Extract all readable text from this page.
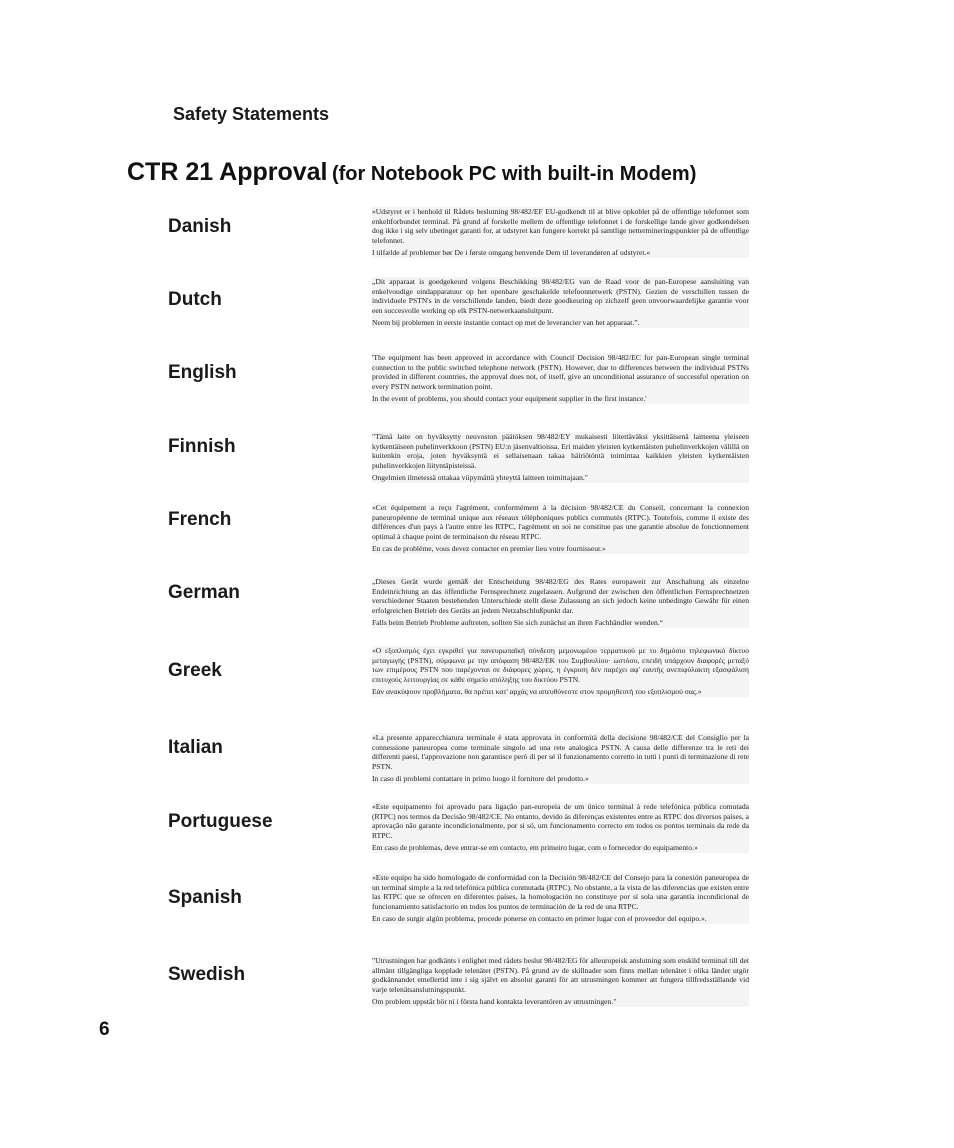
Safety Statements
CTR 21 Approval (for Notebook PC with built-in Modem)
Danish

»Udstyret er i henhold til Rådets beslutning 98/482/EF EU-godkendt til at blive opkoblet på de offentlige telefonnet som enkeltforbundet terminal. På grund af forskelle mellem de offentlige telefonnet i de forskellige lande giver godkendelsen dog ikke i sig selv ubetinget garanti for, at udstyret kan fungere korrekt på samtlige nettermineringspunkter på de offentlige telefonnet.

I tilfælde af problemer bør De i første omgang henvende Dem til leverandøren af udstyret.«

Dutch

„Dit apparaat is goedgekeurd volgens Beschikking 98/482/EG van de Raad voor de pan-Europese aansluiting van enkelvoudige eindapparatuur op het openbare geschakelde telefoonnetwerk (PSTN). Gezien de verschillen tussen de individuele PSTN's in de verschillende landen, biedt deze goedkeuring op zichzelf geen onvoorwaardelijke garantie voor een succesvolle werking op elk PSTN-netwerkaansluitpunt.

Neem bij problemen in eerste instantie contact op met de leverancier van het apparaat.”.

English

'The equipment has been approved in accordance with Council Decision 98/482/EC for pan-European single terminal connection to the public switched telephone network (PSTN). However, due to differences between the individual PSTNs provided in different countries, the approval does not, of itself, give an unconditional assurance of successful operation on every PSTN network termination point.

In the event of problems, you should contact your equipment supplier in the first instance.'

Finnish	"Tämä laite on hyväksytty neuvoston päätöksen 98/482/EY mukaisesti liitettäväksi yksittäisenä laitteena yleiseen kytkentäiseen puhelinverkkoon (PSTN) EU:n jäsenvaltioissa. Eri maiden yleisten kytkentäisten puhelinverkkojen välillä on kuitenkin eroja, joten hyväksyntä ei sellaisenaan takaa häiriötöntä toimintaa kaikkien yleisten kytkentäisten puhelinverkkojen liityntäpisteissä.

Ongelmien ilmetessä ottakaa viipymättä yhteyttä laitteen toimittajaan."

French

«Cet équipement a reçu l'agrément, conformément à la décision 98/482/CE du Conseil, concernant la connexion paneuropéenne de terminal unique aux réseaux téléphoniques publics commutés (RTPC). Toutefois, comme il existe des différences d'un pays à l'autre entre les RTPC, l'agrément en soi ne constitue pas une garantie absolue de fonctionnement optimal à chaque point de terminaison du réseau RTPC.

En cas de problème, vous devez contacter en premier lieu votre fournisseur.»

German

„Dieses Gerät wurde gemäß der Entscheidung 98/482/EG des Rates europaweit zur Anschaltung als einzelne Endeinrichtung an das öffentliche Fernsprechnetz zugelassen. Aufgrund der zwischen den öffentlichen Fernsprechnetzen verschiedener Staaten bestehenden Unterschiede stellt diese Zulassung an sich jedoch keine unbedingte Gewähr für einen erfolgreichen Betrieb des Geräts an jedem Netzabschlußpunkt dar.

Falls beim Betrieb Probleme auftreten, sollten Sie sich zunächst an ihren Fachhändler wenden.“

Greek

«Ο εξοπλισμός έχει εγκριθεί για πανευρωπαϊκή σύνδεση μεμονωμέου τερματικού με το δημόσιο τηλεφωνικό δίκτυο μεταγωγής (PSTN), σύμφωνα με την απόφαση 98/482/ΕΚ του Συμβουλίου· ωστόσο, επειδή υπάρχουν διαφορές μεταξύ των επιμέρους PSTN που παρέχονται σε διάφορες χώρες, η έγκριση δεν παρέχει αφ' εαυτής ανεπιφύλακτη εξασφάλιση επιτυχούς λειτουργίας σε κάθε σημείο απόληξης του δικτύου PSTN.

Εάν ανακύψουν προβλήματα, θα πρέπει κατ' αρχάς να απευθύνεστε στον προμηθευτή του εξοπλισμού σας.»

Italian	«La presente apparecchiatura terminale è stata approvata in conformità della decisione 98/482/CE del Consiglio per la connessione paneuropea come terminale singolo ad una rete analogica PSTN. A causa delle differenze tra le reti dei differenti paesi, l'approvazione non garantisce però di per sé il funzionamento corretto in tutti i punti di terminazione di rete PSTN.

In caso di problemi contattare in primo luogo il fornitore del prodotto.»

Portuguese

«Este equipamento foi aprovado para ligação pan-europeia de um único terminal à rede telefónica pública comutada (RTPC) nos termos da Decisão 98/482/CE. No entanto, devido às diferenças existentes entre as RTPC dos diversos países, a aprovação não garante incondicionalmente, por si só, um funcionamento correcto em todos os pontos terminais da rede da RTPC.

Em caso de problemas, deve entrar-se em contacto, em primeiro lugar, com o fornecedor do equipamento.»

Spanish

«Este equipo ha sido homologado de conformidad con la Decisión 98/482/CE del Consejo para la conexión paneuropea de un terminal simple a la red telefónica pública conmutada (RTPC). No obstante, a la vista de las diferencias que existen entre las RTPC que se ofrecen en diferentes países, la homologación no constituye por sí sola una garantía incondicional de funcionamiento satisfactorio en todos los puntos de terminación de la red de una RTPC.

En caso de surgir algún problema, procede ponerse en contacto en primer lugar con el proveedor del equipo.».

Swedish

"Utrustningen har godkänts i enlighet med rådets beslut 98/482/EG för alleuropeisk anslutning som enskild terminal till det allmänt tillgängliga kopplade telenätet (PSTN). På grund av de skillnader som finns mellan telenätet i olika länder utgör godkännandet emellertid inte i sig självt en absolut garanti för att utrustningen kommer att fungera tillfredsställande vid varje telenätsanslutningspunkt.

Om problem uppstår bör ni i första hand kontakta leverantören av utrustningen."

6
